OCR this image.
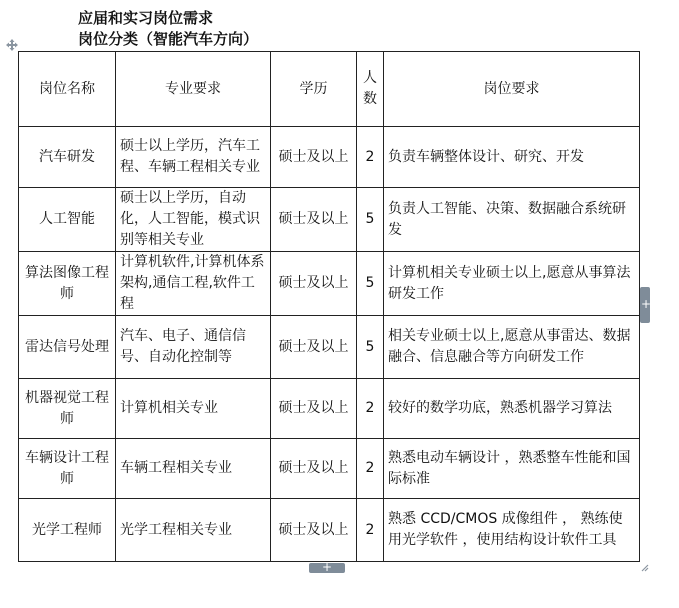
应届和实习岗位需求
岗位分类（智能汽车方向）
岗位名称	专业要求	学历	人数	岗位要求
汽车研发	硕士以上学历，汽车工程、车辆工程相关专业	硕士及以上	2	负责车辆整体设计、研究、开发
人工智能	硕士以上学历，自动化，人工智能，模式识别等相关专业	硕士及以上	5	负责人工智能、决策、数据融合系统研发
算法图像工程师	计算机软件,计算机体系架构,通信工程,软件工程	硕士及以上	5	计算机相关专业硕士以上,愿意从事算法研发工作
雷达信号处理	汽车、电子、通信信号、自动化控制等	硕士及以上	5	相关专业硕士以上,愿意从事雷达、数据融合、信息融合等方向研发工作
机器视觉工程师	计算机相关专业	硕士及以上	2	较好的数学功底，熟悉机器学习算法
车辆设计工程师	车辆工程相关专业	硕士及以上	2	熟悉电动车辆设计 ，熟悉整车性能和国际标准
光学工程师	光学工程相关专业	硕士及以上	2	熟悉 CCD/CMOS 成像组件 ， 熟练使用光学软件 ，使用结构设计软件工具
+
+
